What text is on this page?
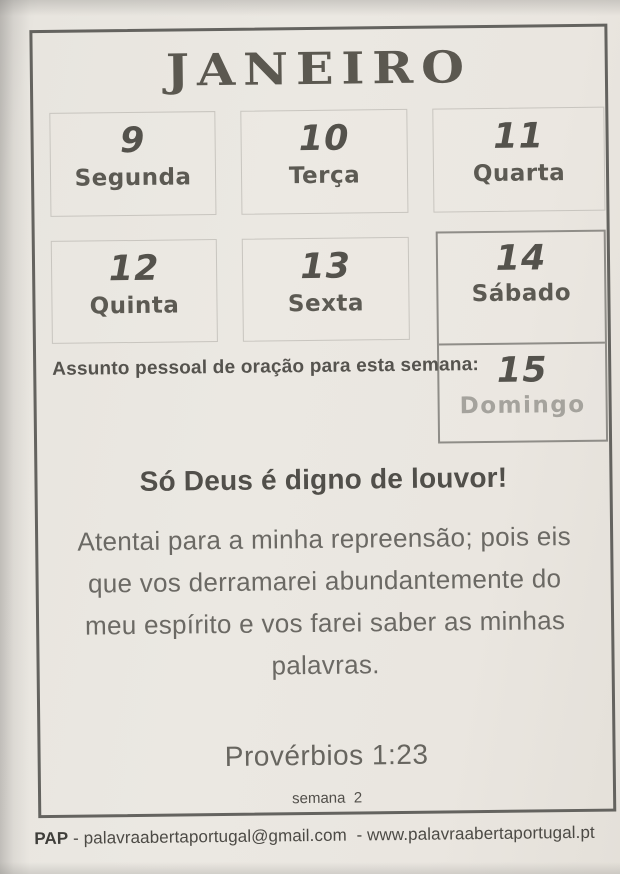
JANEIRO
9
Segunda
10
Terça
11
Quarta
12
Quinta
13
Sexta
14
Sábado
15
Domingo
Assunto pessoal de oração para esta semana:
Só Deus é digno de louvor!
Atentai para a minha repreensão; pois eis
que vos derramarei abundantemente do
meu espírito e vos farei saber as minhas
palavras.
Provérbios 1:23
semana  2
PAP - palavraabertaportugal@gmail.com  - www.palavraabertaportugal.pt
